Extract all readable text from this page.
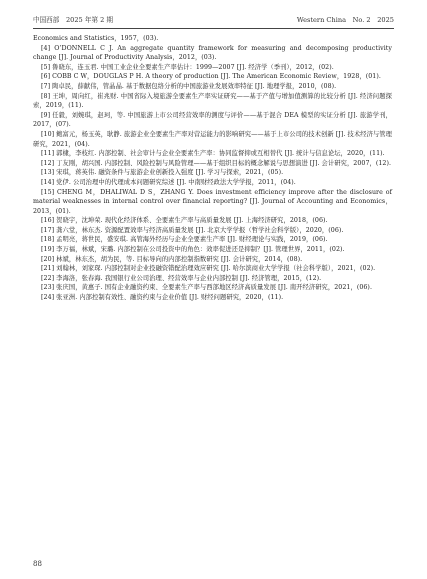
中国西部　2025 年第 2 期	Western China　No. 2　2025

Economics and Statistics，1957，(03).

[4] O’DONNELL C J. An aggregate quantity framework for measuring and decomposing productivity change [J]. Journal of Productivity Analysis，2012，(03).

[5] 鲁晓东，连玉君. 中国工业企业全要素生产率估计：1999—2007 [J]. 经济学（季刊），2012，(02).

[6] COBB C W，DOUGLAS P H. A theory of production [J]. The American Economic Review，1928，(01).

[7] 陶卓民，薛献伟，管晶晶. 基于数据包络分析的中国旅游业发展效率特征 [J]. 地理学报，2010，(08).

[8] 王坤，周向红，崔兆财. 中国省际入境旅游全要素生产率实证研究——基于产值与增加值测算的比较分析 [J]. 经济问题探索，2019，(11).

[9] 任毅，刘婉琪，赵珂，等. 中国旅游上市公司经营效率的测度与评价——基于混合 DEA 模型的实证分析 [J]. 旅游学刊，2017，(07).

[10] 鲍富元，杨玉英，耿静. 旅游企业全要素生产率对营运能力的影响研究——基于上市公司的技术创新 [J]. 技术经济与管理研究，2021，(04).

[11] 郭棣，李枝红. 内部控制、社会审计与企业全要素生产率：协同监督抑或互相替代 [J]. 统计与信息论坛，2020，(11).

[12] 丁友刚，胡兴国. 内部控制、风险控制与风险管理——基于组织目标的概念解说与思想演进 [J]. 会计研究，2007，(12).

[13] 宋琪，蒋英伟. 融资条件与旅游企业创新投入强度 [J]. 学习与探索，2021，(05).

[14] 党伊. 公司治理中的代理成本问题研究综述 [J]. 中南财经政法大学学报，2011，(04).

[15] CHENG M，DHALIWAL D S，ZHANG Y. Does investment efficiency improve after the disclosure of material weaknesses in internal control over financial reporting? [J]. Journal of Accounting and Economics，2013，(01).

[16] 贺晓宇，沈坤荣. 现代化经济体系、全要素生产率与高质量发展 [J]. 上海经济研究，2018，(06).

[17] 龚六堂，林东杰. 资源配置效率与经济高质量发展 [J]. 北京大学学报（哲学社会科学版），2020，(06).

[18] 孟明亮，蒋世民，盛安琪. 高管海外经历与企业全要素生产率 [J]. 财经理论与实践，2019，(06).

[19] 李万福，林斌，宋璐. 内部控制在公司投资中的角色：效率促进还是抑制？[J]. 管理世界，2011，(02).

[20] 林斌，林东杰，胡为民，等. 目标导向的内部控制指数研究 [J]. 会计研究，2014，(08).

[21] 刘翰林，刘家琛. 内部控制对企业投融资错配治理效应研究 [J]. 哈尔滨商业大学学报（社会科学版），2021，(02).

[22] 李海洛，张春海. 我国银行业公司治理、经营效率与企业内部控制 [J]. 经济管理，2015，(12).

[23] 张庆国，黄惠子. 国有企业融资约束、全要素生产率与西部地区经济高质量发展 [J]. 南开经济研究，2021，(06).

[24] 张亚洲. 内部控制有效性、融资约束与企业价值 [J]. 财经问题研究，2020，(11).

88
